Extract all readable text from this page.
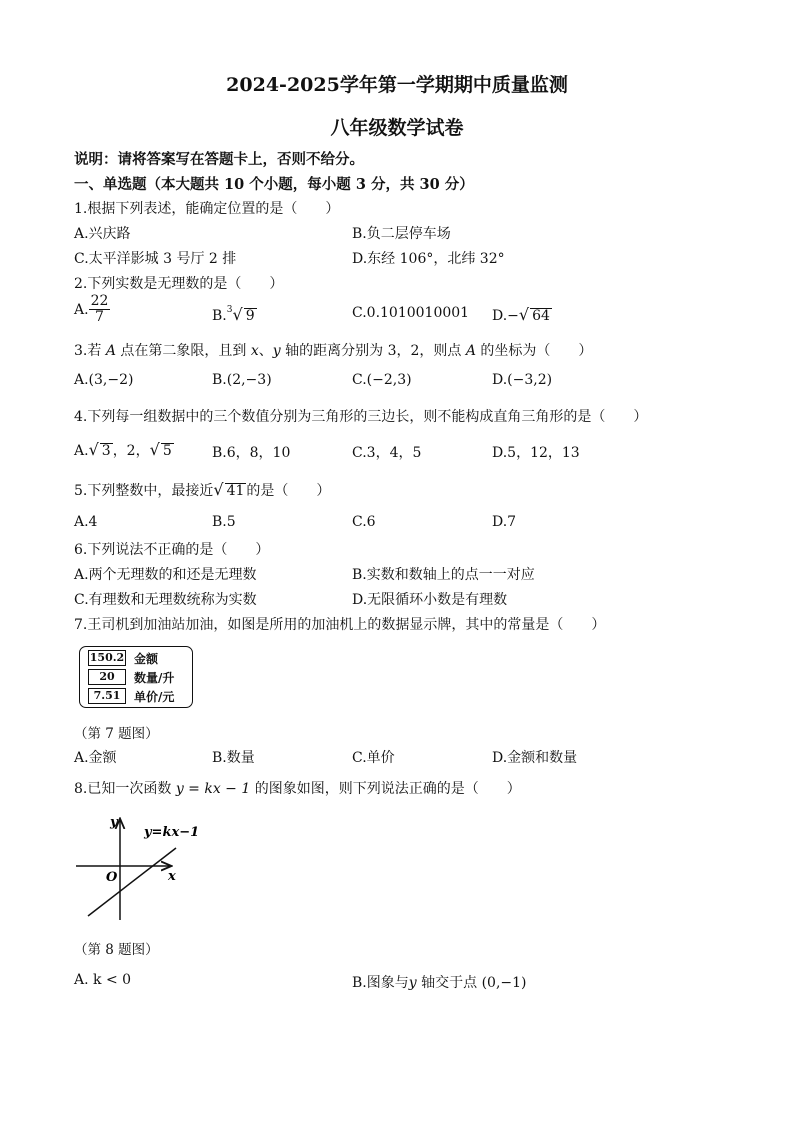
2024-2025学年第一学期期中质量监测
八年级数学试卷
说明：请将答案写在答题卡上，否则不给分。
一、单选题（本大题共 10 个小题，每小题 3 分，共 30 分）
1.根据下列表述，能确定位置的是（　　）
A.兴庆路	B.负二层停车场
C.太平洋影城 3 号厅 2 排	D.东经 106°，北纬 32°
2.下列实数是无理数的是（　　）
A. $\frac{22}{7}$	B.$^3$√ 9	C.0.1010010001 D.−√ 64
3.若 A 点在第二象限，且到 x、y 轴的距离分别为 3，2，则点 A 的坐标为（　　）
A.(3,−2)	B.(2,−3)	C.(−2,3)	D.(−3,2)
4.下列每一组数据中的三个数值分别为三角形的三边长，则不能构成直角三角形的是（　　）
A.√ 3 ，2，√ 5	B.6，8，10	C.3，4，5	D.5，12，13
5.下列整数中，最接近√ 41 的是（　　）
A.4	B.5	C.6	D.7
6.下列说法不正确的是（　　）
A.两个无理数的和还是无理数	B.实数和数轴上的点一一对应
C.有理数和无理数统称为实数	D.无限循环小数是有理数
7.王司机到加油站加油，如图是所用的加油机上的数据显示牌，其中的常量是（　　）
150.2 金额
20	数量/升
7.51	单价/元
（第 7 题图）
A.金额	B.数量	C.单价	D.金额和数量
8.已知一次函数 y = kx − 1 的图象如图，则下列说法正确的是（　　）
y
x
O
y=kx−1
（第 8 题图）
A. k < 0	B.图象与y 轴交于点 (0,−1)
